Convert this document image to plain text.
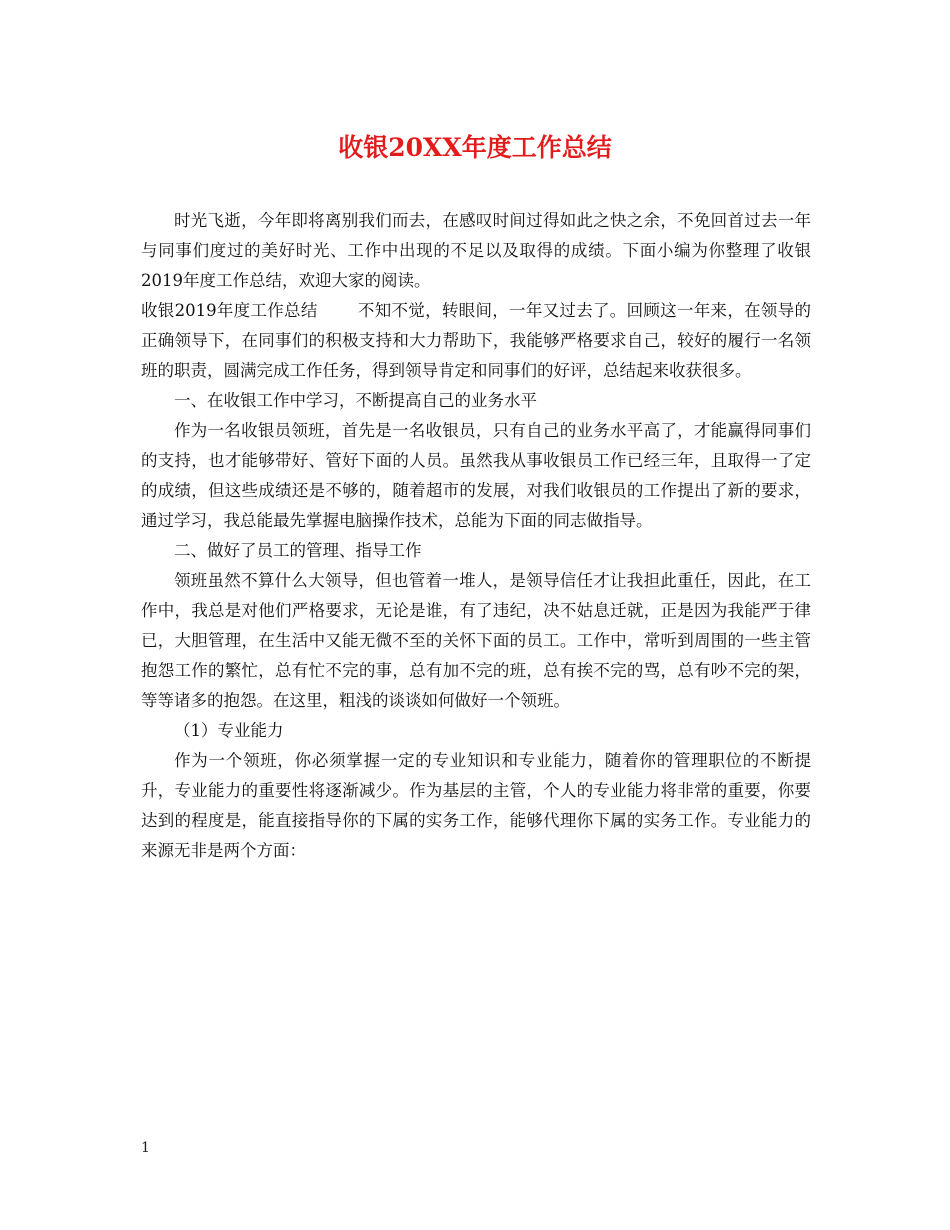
收银20XX年度工作总结

时光飞逝，今年即将离别我们而去，在感叹时间过得如此之快之余，不免回首过去一年与同事们度过的美好时光、工作中出现的不足以及取得的成绩。下面小编为你整理了收银2019年度工作总结，欢迎大家的阅读。

收银2019年度工作总结 不知不觉，转眼间，一年又过去了。回顾这一年来，在领导的正确领导下，在同事们的积极支持和大力帮助下，我能够严格要求自己，较好的履行一名领班的职责，圆满完成工作任务，得到领导肯定和同事们的好评，总结起来收获很多。

一、在收银工作中学习，不断提高自己的业务水平

作为一名收银员领班，首先是一名收银员，只有自己的业务水平高了，才能赢得同事们的支持，也才能够带好、管好下面的人员。虽然我从事收银员工作已经三年，且取得一了定的成绩，但这些成绩还是不够的，随着超市的发展，对我们收银员的工作提出了新的要求，通过学习，我总能最先掌握电脑操作技术，总能为下面的同志做指导。

二、做好了员工的管理、指导工作

领班虽然不算什么大领导，但也管着一堆人，是领导信任才让我担此重任，因此，在工作中，我总是对他们严格要求，无论是谁，有了违纪，决不姑息迁就，正是因为我能严于律已，大胆管理，在生活中又能无微不至的关怀下面的员工。工作中，常听到周围的一些主管抱怨工作的繁忙，总有忙不完的事，总有加不完的班，总有挨不完的骂，总有吵不完的架，等等诸多的抱怨。在这里，粗浅的谈谈如何做好一个领班。

（1）专业能力

作为一个领班，你必须掌握一定的专业知识和专业能力，随着你的管理职位的不断提升，专业能力的重要性将逐渐减少。作为基层的主管，个人的专业能力将非常的重要，你要达到的程度是，能直接指导你的下属的实务工作，能够代理你下属的实务工作。专业能力的来源无非是两个方面：

1
